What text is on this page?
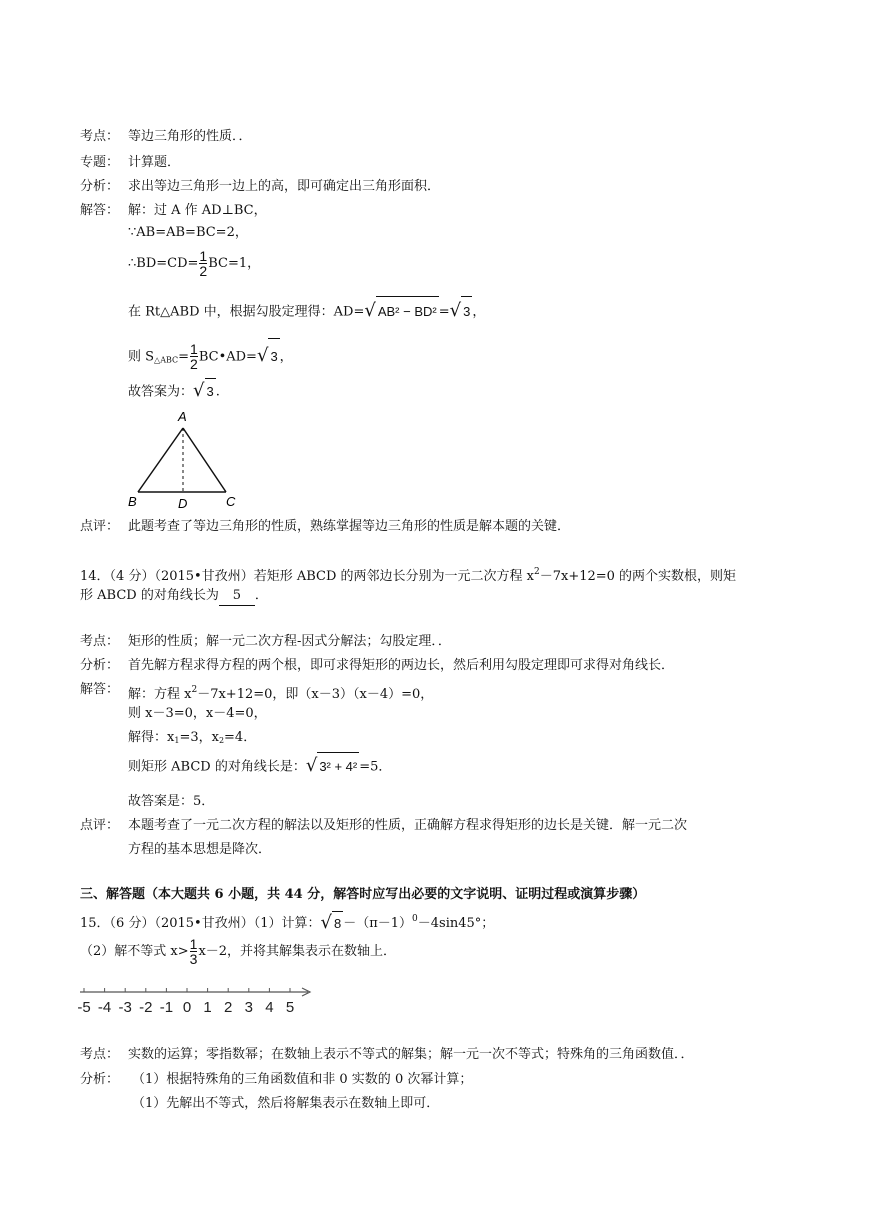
考点： 等边三角形的性质．．
专题： 计算题．
分析： 求出等边三角形一边上的高，即可确定出三角形面积．
解答： 解：过 A 作 AD⊥BC，
∵AB=AB=BC=2，
∴BD=CD= $\frac{1}{2} BC=1$，
在 Rt△ABD 中，根据勾股定理得：AD=√ AB² − BD² =√ 3 ，
则 $S_{\triangle ABC}= \frac{1}{2}$ BC•AD=√ 3 ，
故答案为：√ 3 .
A
B	C
D
点评： 此题考查了等边三角形的性质，熟练掌握等边三角形的性质是解本题的关键．
14．（4 分）（2015•甘孜州）若矩形 ABCD 的两邻边长分别为一元二次方程 $x^2-7x+12=0$ 的两个实数根，则矩
形 ABCD 的对角线长为 5 ．
考点： 矩形的性质；解一元二次方程-因式分解法；勾股定理．．
分析： 首先解方程求得方程的两个根，即可求得矩形的两边长，然后利用勾股定理即可求得对角线长．
解答： 解：方程 $x^2-7x+12=0$，即（x－3）（x－4）=0，
则 x－3=0，x－4=0，
解得：$x_1=3$，$x_2=4$．
则矩形 ABCD 的对角线长是：√ 3² + 4² =5．
故答案是：5．
点评： 本题考查了一元二次方程的解法以及矩形的性质，正确解方程求得矩形的边长是关键．解一元二次
方程的基本思想是降次．
三、解答题（本大题共 6 小题，共 44 分，解答时应写出必要的文字说明、证明过程或演算步骤）
15．（6 分）（2015•甘孜州）（1）计算：√ $8 -(\pi-1)^0-4\sin 45^\circ$；
（2）解不等式 $x> \frac{1}{3} x-2$，并将其解集表示在数轴上．
-5 -4 -3 -2 -1 0 1 2 3 4 5
考点： 实数的运算；零指数幂；在数轴上表示不等式的解集；解一元一次不等式；特殊角的三角函数值．．
分析： （1）根据特殊角的三角函数值和非 0 实数的 0 次幂计算；
（1）先解出不等式，然后将解集表示在数轴上即可．
